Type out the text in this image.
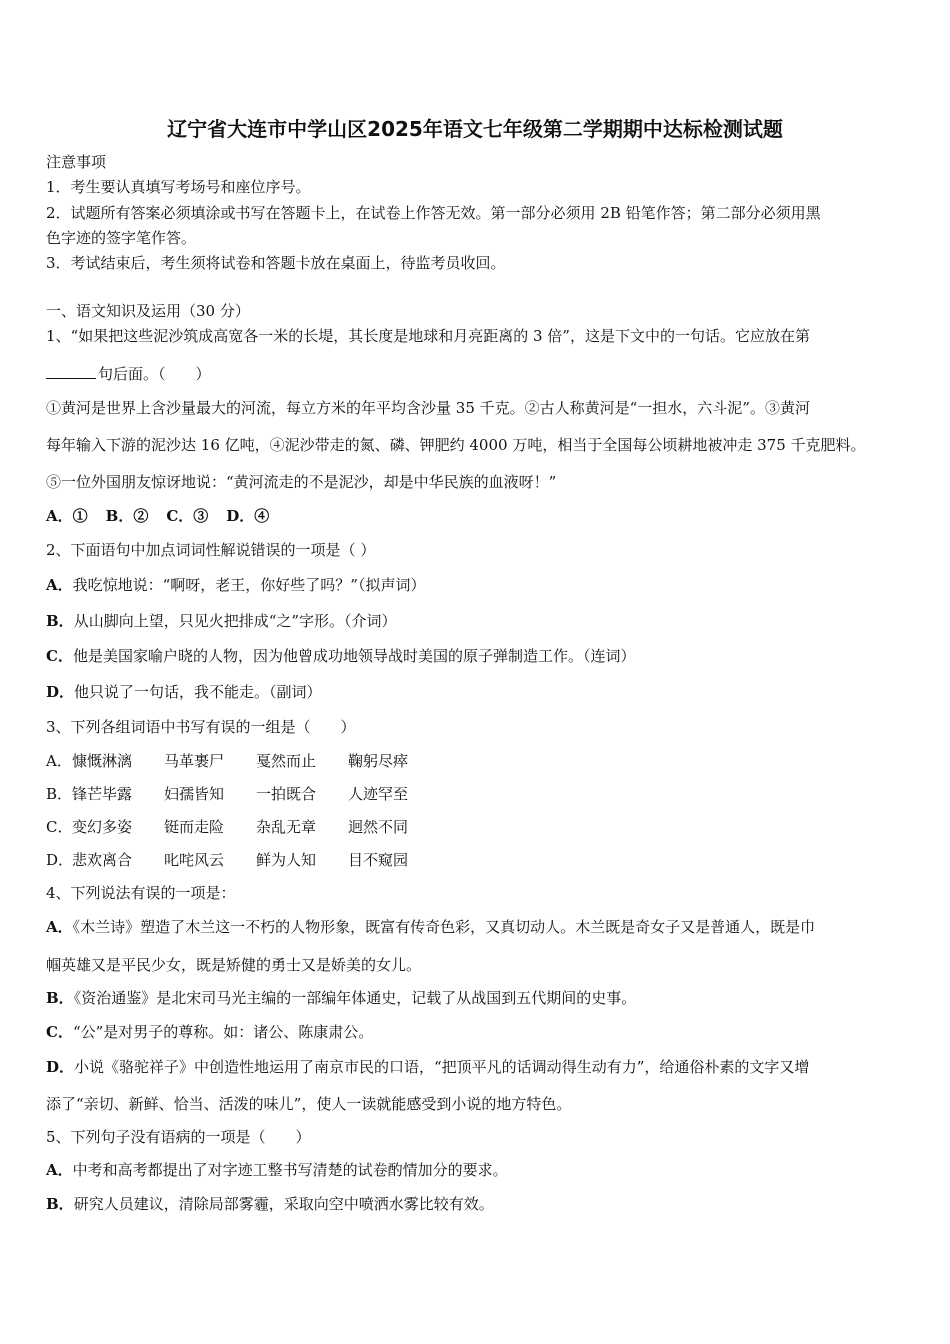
辽宁省大连市中学山区2025年语文七年级第二学期期中达标检测试题
注意事项
1．考生要认真填写考场号和座位序号。
2．试题所有答案必须填涂或书写在答题卡上，在试卷上作答无效。第一部分必须用 2B 铅笔作答；第二部分必须用黑
色字迹的签字笔作答。
3．考试结束后，考生须将试卷和答题卡放在桌面上，待监考员收回。
一、语文知识及运用（30 分）
1、“如果把这些泥沙筑成高宽各一米的长堤，其长度是地球和月亮距离的 3 倍”，这是下文中的一句话。它应放在第
句后面。（　　）
①黄河是世界上含沙量最大的河流，每立方米的年平均含沙量 35 千克。②古人称黄河是“一担水，六斗泥”。③黄河
每年输入下游的泥沙达 16 亿吨，④泥沙带走的氮、磷、钾肥约 4000 万吨，相当于全国每公顷耕地被冲走 375 千克肥料。
⑤一位外国朋友惊讶地说：“黄河流走的不是泥沙，却是中华民族的血液呀！”
A．① B．② C．③ D．④
2、下面语句中加点词词性解说错误的一项是（ ）
A．我吃惊地说：“啊呀，老王，你好些了吗？”（拟声词）
B．从山脚向上望，只见火把排成“之”字形。（介词）
C．他是美国家喻户晓的人物，因为他曾成功地领导战时美国的原子弹制造工作。（连词）
D．他只说了一句话，我不能走。（副词）
3、下列各组词语中书写有误的一组是（　　）
A．慷慨淋漓 马革裹尸 戛然而止 鞠躬尽瘁
B．锋芒毕露 妇孺皆知 一拍既合 人迹罕至
C．变幻多姿 铤而走险 杂乱无章 迥然不同
D．悲欢离合 叱咤风云 鲜为人知 目不窥园
4、下列说法有误的一项是：
A．《木兰诗》塑造了木兰这一不朽的人物形象，既富有传奇色彩，又真切动人。木兰既是奇女子又是普通人，既是巾
帼英雄又是平民少女，既是矫健的勇士又是娇美的女儿。
B．《资治通鉴》是北宋司马光主编的一部编年体通史，记载了从战国到五代期间的史事。
C．“公”是对男子的尊称。如：诸公、陈康肃公。
D．小说《骆驼祥子》中创造性地运用了南京市民的口语，“把顶平凡的话调动得生动有力”，给通俗朴素的文字又增
添了“亲切、新鲜、恰当、活泼的味儿”，使人一读就能感受到小说的地方特色。
5、下列句子没有语病的一项是（　　）
A．中考和高考都提出了对字迹工整书写清楚的试卷酌情加分的要求。
B．研究人员建议，清除局部雾霾，采取向空中喷洒水雾比较有效。
